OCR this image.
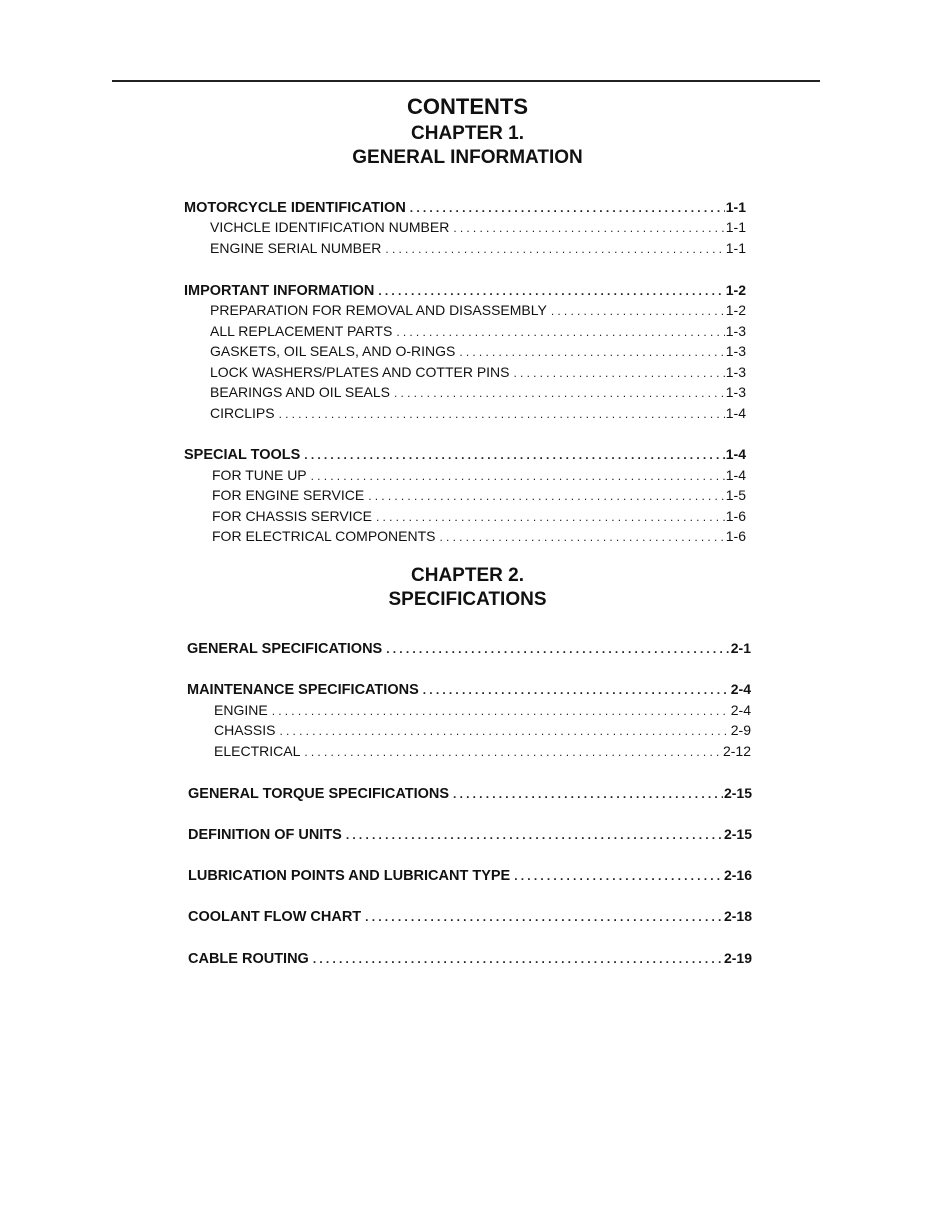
CONTENTS
CHAPTER 1.
GENERAL INFORMATION
MOTORCYCLE IDENTIFICATION .....	1-1
VICHCLE IDENTIFICATION NUMBER .....	1-1
ENGINE SERIAL NUMBER .....	1-1
IMPORTANT INFORMATION .....	1-2
PREPARATION FOR REMOVAL AND DISASSEMBLY .....	1-2
ALL REPLACEMENT PARTS .....	1-3
GASKETS, OIL SEALS, AND O-RINGS .....	1-3
LOCK WASHERS/PLATES AND COTTER PINS .....	1-3
BEARINGS AND OIL SEALS .....	1-3
CIRCLIPS .....	1-4
SPECIAL TOOLS .....	1-4
FOR TUNE UP .....	1-4
FOR ENGINE SERVICE .....	1-5
FOR CHASSIS SERVICE .....	1-6
FOR ELECTRICAL COMPONENTS .....	1-6
CHAPTER 2.
SPECIFICATIONS
GENERAL SPECIFICATIONS .....	2-1
MAINTENANCE SPECIFICATIONS .....	2-4
ENGINE .....	2-4
CHASSIS .....	2-9
ELECTRICAL .....	2-12
GENERAL TORQUE SPECIFICATIONS .....	2-15
DEFINITION OF UNITS .....	2-15
LUBRICATION POINTS AND LUBRICANT TYPE .....	2-16
COOLANT FLOW CHART .....	2-18
CABLE ROUTING .....	2-19
